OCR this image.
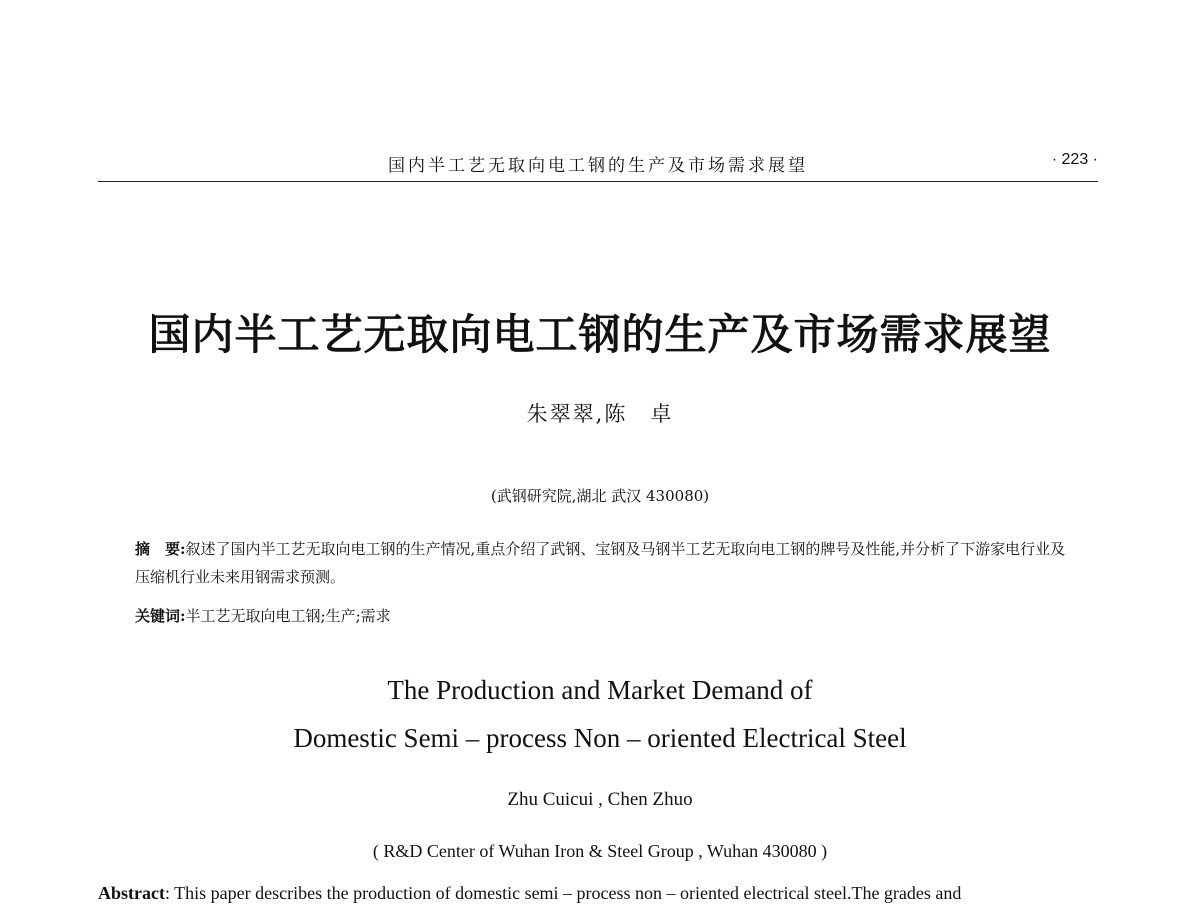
国内半工艺无取向电工钢的生产及市场需求展望	· 223 ·
国内半工艺无取向电工钢的生产及市场需求展望
朱翠翠,陈　卓
(武钢研究院,湖北 武汉 430080)
摘　要:叙述了国内半工艺无取向电工钢的生产情况,重点介绍了武钢、宝钢及马钢半工艺无取向电工钢的牌号及性能,并分析了下游家电行业及压缩机行业未来用钢需求预测。
关键词:半工艺无取向电工钢;生产;需求
The Production and Market Demand of
Domestic Semi – process Non – oriented Electrical Steel
Zhu Cuicui , Chen Zhuo
( R&D Center of Wuhan Iron & Steel Group , Wuhan 430080 )
Abstract: This paper describes the production of domestic semi – process non – oriented electrical steel.The grades and
